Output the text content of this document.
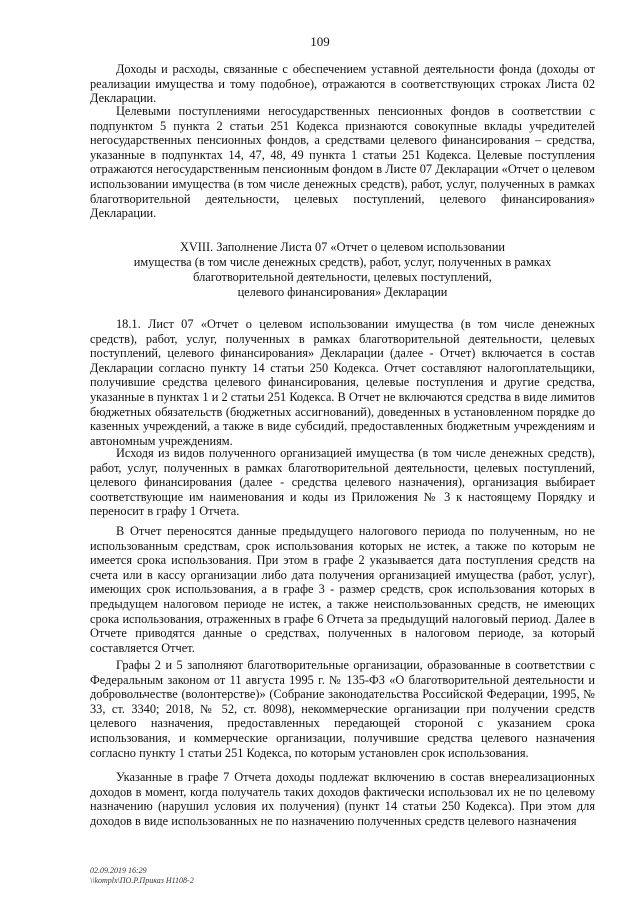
109

Доходы и расходы, связанные с обеспечением уставной деятельности фонда (доходы от реализации имущества и тому подобное), отражаются в соответствующих строках Листа 02 Декларации.

Целевыми поступлениями негосударственных пенсионных фондов в соответствии с подпунктом 5 пункта 2 статьи 251 Кодекса признаются совокупные вклады учредителей негосударственных пенсионных фондов, а средствами целевого финансирования – средства, указанные в подпунктах 14, 47, 48, 49 пункта 1 статьи 251 Кодекса. Целевые поступления отражаются негосударственным пенсионным фондом в Листе 07 Декларации «Отчет о целевом использовании имущества (в том числе денежных средств), работ, услуг, полученных в рамках благотворительной деятельности, целевых поступлений, целевого финансирования» Декларации.

XVIII. Заполнение Листа 07 «Отчет о целевом использовании
имущества (в том числе денежных средств), работ, услуг, полученных в рамках
благотворительной деятельности, целевых поступлений,
целевого финансирования» Декларации

18.1. Лист 07 «Отчет о целевом использовании имущества (в том числе денежных средств), работ, услуг, полученных в рамках благотворительной деятельности, целевых поступлений, целевого финансирования» Декларации (далее - Отчет) включается в состав Декларации согласно пункту 14 статьи 250 Кодекса. Отчет составляют налогоплательщики, получившие средства целевого финансирования, целевые поступления и другие средства, указанные в пунктах 1 и 2 статьи 251 Кодекса. В Отчет не включаются средства в виде лимитов бюджетных обязательств (бюджетных ассигнований), доведенных в установленном порядке до казенных учреждений, а также в виде субсидий, предоставленных бюджетным учреждениям и автономным учреждениям.

Исходя из видов полученного организацией имущества (в том числе денежных средств), работ, услуг, полученных в рамках благотворительной деятельности, целевых поступлений, целевого финансирования (далее - средства целевого назначения), организация выбирает соответствующие им наименования и коды из Приложения № 3 к настоящему Порядку и переносит в графу 1 Отчета.

В Отчет переносятся данные предыдущего налогового периода по полученным, но не использованным средствам, срок использования которых не истек, а также по которым не имеется срока использования. При этом в графе 2 указывается дата поступления средств на счета или в кассу организации либо дата получения организацией имущества (работ, услуг), имеющих срок использования, а в графе 3 - размер средств, срок использования которых в предыдущем налоговом периоде не истек, а также неиспользованных средств, не имеющих срока использования, отраженных в графе 6 Отчета за предыдущий налоговый период. Далее в Отчете приводятся данные о средствах, полученных в налоговом периоде, за который составляется Отчет.

Графы 2 и 5 заполняют благотворительные организации, образованные в соответствии с Федеральным законом от 11 августа 1995 г. № 135-ФЗ «О благотворительной деятельности и добровольчестве (волонтерстве)» (Собрание законодательства Российской Федерации, 1995, № 33, ст. 3340; 2018, № 52, ст. 8098), некоммерческие организации при получении средств целевого назначения, предоставленных передающей стороной с указанием срока использования, и коммерческие организации, получившие средства целевого назначения согласно пункту 1 статьи 251 Кодекса, по которым установлен срок использования.

Указанные в графе 7 Отчета доходы подлежат включению в состав внереализационных доходов в момент, когда получатель таких доходов фактически использовал их не по целевому назначению (нарушил условия их получения) (пункт 14 статьи 250 Кодекса). При этом для доходов в виде использованных не по назначению полученных средств целевого назначения

02.09.2019 16:29
\\komplx\ПО.Р.Приказ Н1108-2
